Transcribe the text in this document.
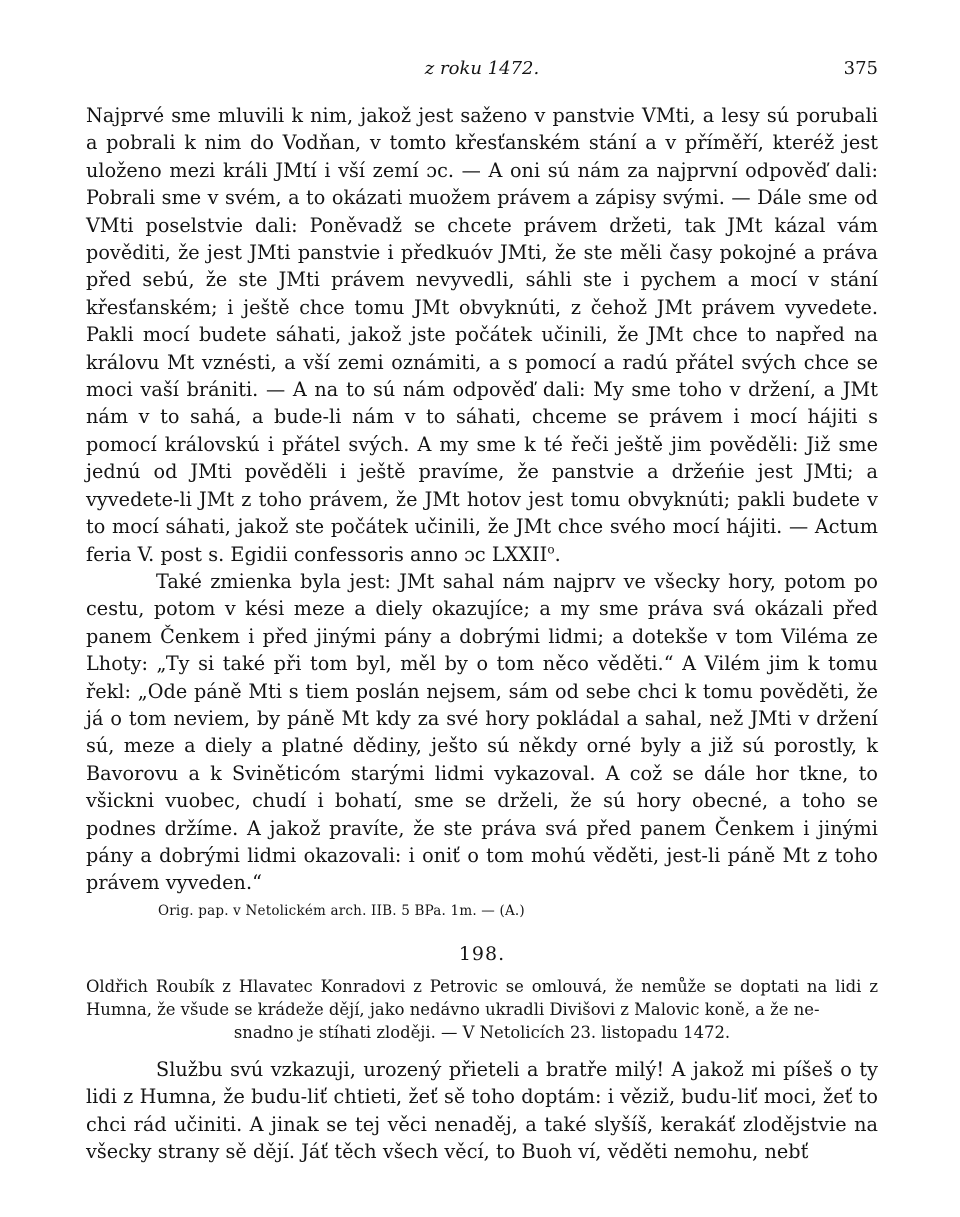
z roku 1472.	375

Najprvé sme mluvili k nim, jakož jest saženo v panstvie VMti, a lesy sú porubali a pobrali k nim do Vodňan, v tomto křesťanském stání a v příměří, kteréž jest uloženo mezi králi JMtí i vší zemí ɔc. — A oni sú nám za najprvní odpověď dali: Pobrali sme v svém, a to okázati muožem právem a zápisy svými. — Dále sme od VMti poselstvie dali: Poněvadž se chcete právem držeti, tak JMt kázal vám pověditi, že jest JMti panstvie i předkuóv JMti, že ste měli časy pokojné a práva před sebú, že ste JMti právem nevyvedli, sáhli ste i pychem a mocí v stání křesťanském; i ještě chce tomu JMt obvyknúti, z čehož JMt právem vyvedete. Pakli mocí budete sáhati, jakož jste počátek učinili, že JMt chce to napřed na královu Mt vznésti, a vší zemi oznámiti, a s pomocí a radú přátel svých chce se moci vaší brániti. — A na to sú nám odpověď dali: My sme toho v držení, a JMt nám v to sahá, a bude-li nám v to sáhati, chceme se právem i mocí hájiti s pomocí královskú i přátel svých. A my sme k té řeči ještě jim pověděli: Již sme jednú od JMti pověděli i ještě pravíme, že panstvie a držeńie jest JMti; a vyvedete-li JMt z toho právem, že JMt hotov jest tomu obvyknúti; pakli budete v to mocí sáhati, jakož ste počátek učinili, že JMt chce svého mocí hájiti. — Actum feria V. post s. Egidii confessoris anno ɔc LXXII$^o$.

Také zmienka byla jest: JMt sahal nám najprv ve všecky hory, potom po cestu, potom v kési meze a diely okazujíce; a my sme práva svá okázali před panem Čenkem i před jinými pány a dobrými lidmi; a dotekše v tom Viléma ze Lhoty: „Ty si také při tom byl, měl by o tom něco věděti.“ A Vilém jim k tomu řekl: „Ode páně Mti s tiem poslán nejsem, sám od sebe chci k tomu pověděti, že já o tom neviem, by páně Mt kdy za své hory pokládal a sahal, než JMti v držení sú, meze a diely a platné dědiny, ješto sú někdy orné byly a již sú porostly, k Bavorovu a k Sviněticóm starými lidmi vykazoval. A což se dále hor tkne, to všickni vuobec, chudí i bohatí, sme se drželi, že sú hory obecné, a toho se podnes držíme. A jakož pravíte, že ste práva svá před panem Čenkem i jinými pány a dobrými lidmi okazovali: i oniť o tom mohú věděti, jest-li páně Mt z toho právem vyveden.“

Orig. pap. v Netolickém arch. IIB. 5 BPa. 1m. — (A.)
198.
Oldřich Roubík z Hlavatec Konradovi z Petrovic se omlouvá, že nemůže se doptati na lidi z Humna, že všude se krádeže dějí, jako nedávno ukradli Divišovi z Malovic koně, a že ne-
snadno je stíhati zloději. — V Netolicích 23. listopadu 1472.

Službu svú vzkazuji, urozený přieteli a bratře milý! A jakož mi píšeš o ty lidi z Humna, že budu-liť chtieti, žeť sě toho doptám: i věziž, budu-liť moci, žeť to chci rád učiniti. A jinak se tej věci nenaděj, a také slyšíš, kerakáť zlodějstvie na všecky strany sě dějí. Jáť těch všech věcí, to Buoh ví, věděti nemohu, nebť
